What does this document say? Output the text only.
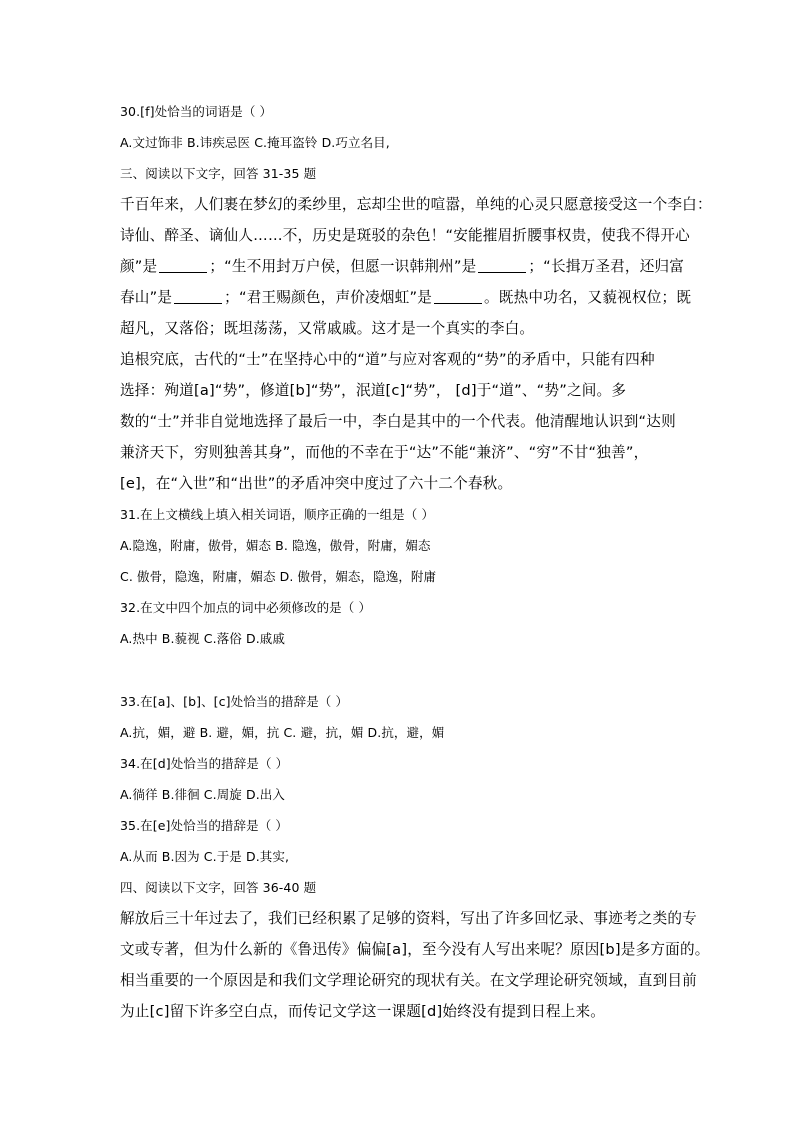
30.[f]处恰当的词语是（ ）
A.文过饰非 B.讳疾忌医 C.掩耳盗铃 D.巧立名目,
三、阅读以下文字，回答 31-35 题
千百年来，人们裹在梦幻的柔纱里，忘却尘世的喧嚣，单纯的心灵只愿意接受这一个李白：
诗仙、醉圣、谪仙人……不，历史是斑驳的杂色！“安能摧眉折腰事权贵，使我不得开心
颜”是	；“生不用封万户侯，但愿一识韩荆州”是	；“长揖万圣君，还归富
春山”是	；“君王赐颜色，声价凌烟虹”是	。既热中功名，又藐视权位；既
超凡，又落俗；既坦荡荡，又常戚戚。这才是一个真实的李白。
追根究底，古代的“士”在坚持心中的“道”与应对客观的“势”的矛盾中，只能有四种
选择：殉道[a]“势”，修道[b]“势”，泯道[c]“势”， [d]于“道”、“势”之间。多
数的“士”并非自觉地选择了最后一中，李白是其中的一个代表。他清醒地认识到“达则
兼济天下，穷则独善其身”，而他的不幸在于“达”不能“兼济”、“穷”不甘“独善”，
[e]，在“入世”和“出世”的矛盾冲突中度过了六十二个春秋。
31.在上文横线上填入相关词语，顺序正确的一组是（ ）
A.隐逸，附庸，傲骨，媚态 B. 隐逸，傲骨，附庸，媚态
C. 傲骨，隐逸，附庸，媚态 D. 傲骨，媚态，隐逸，附庸
32.在文中四个加点的词中必须修改的是（ ）
A.热中 B.藐视 C.落俗 D.戚戚
33.在[a]、[b]、[c]处恰当的措辞是（ ）
A.抗，媚，避 B. 避，媚，抗 C. 避，抗，媚 D.抗，避，媚
34.在[d]处恰当的措辞是（ ）
A.徜徉 B.徘徊 C.周旋 D.出入
35.在[e]处恰当的措辞是（ ）
A.从而 B.因为 C.于是 D.其实,
四、阅读以下文字，回答 36-40 题
解放后三十年过去了，我们已经积累了足够的资料，写出了许多回忆录、事迹考之类的专
文或专著，但为什么新的《鲁迅传》偏偏[a]，至今没有人写出来呢？原因[b]是多方面的。
相当重要的一个原因是和我们文学理论研究的现状有关。在文学理论研究领域，直到目前
为止[c]留下许多空白点，而传记文学这一课题[d]始终没有提到日程上来。
